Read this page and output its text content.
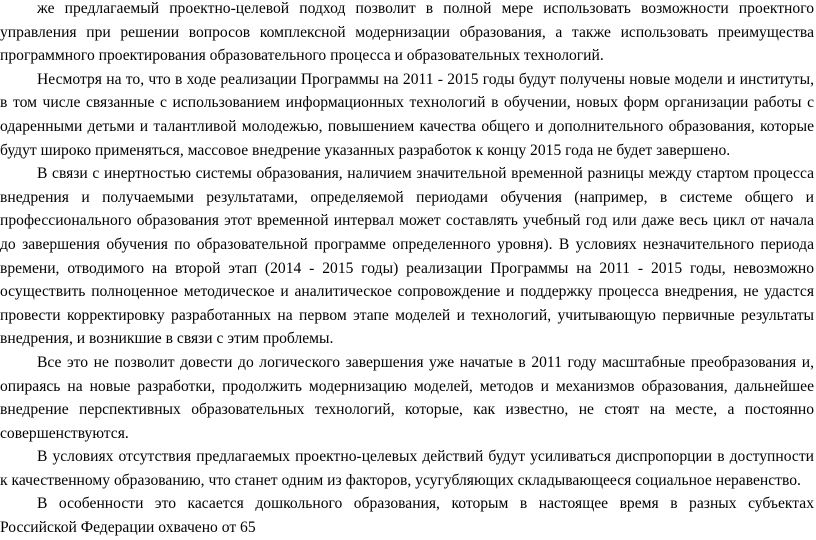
же предлагаемый проектно-целевой подход позволит в полной мере использовать возможности проектного управления при решении вопросов комплексной модернизации образования, а также использовать преимущества программного проектирования образовательного процесса и образовательных технологий.

Несмотря на то, что в ходе реализации Программы на 2011 - 2015 годы будут получены новые модели и институты, в том числе связанные с использованием информационных технологий в обучении, новых форм организации работы с одаренными детьми и талантливой молодежью, повышением качества общего и дополнительного образования, которые будут широко применяться, массовое внедрение указанных разработок к концу 2015 года не будет завершено.

В связи с инертностью системы образования, наличием значительной временной разницы между стартом процесса внедрения и получаемыми результатами, определяемой периодами обучения (например, в системе общего и профессионального образования этот временной интервал может составлять учебный год или даже весь цикл от начала до завершения обучения по образовательной программе определенного уровня). В условиях незначительного периода времени, отводимого на второй этап (2014 - 2015 годы) реализации Программы на 2011 - 2015 годы, невозможно осуществить полноценное методическое и аналитическое сопровождение и поддержку процесса внедрения, не удастся провести корректировку разработанных на первом этапе моделей и технологий, учитывающую первичные результаты внедрения, и возникшие в связи с этим проблемы.

Все это не позволит довести до логического завершения уже начатые в 2011 году масштабные преобразования и, опираясь на новые разработки, продолжить модернизацию моделей, методов и механизмов образования, дальнейшее внедрение перспективных образовательных технологий, которые, как известно, не стоят на месте, а постоянно совершенствуются.

В условиях отсутствия предлагаемых проектно-целевых действий будут усиливаться диспропорции в доступности к качественному образованию, что станет одним из факторов, усугубляющих складывающееся социальное неравенство.

В особенности это касается дошкольного образования, которым в настоящее время в разных субъектах

Российской Федерации охвачено от 65
